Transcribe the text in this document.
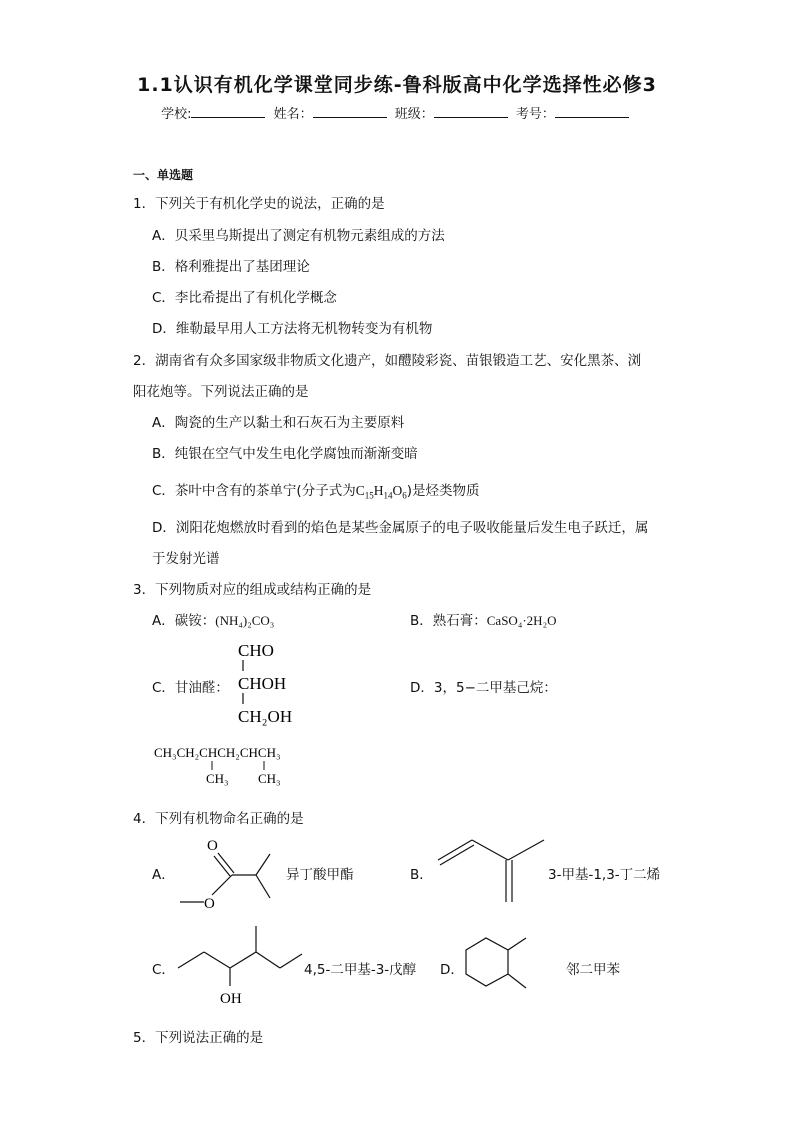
1.1认识有机化学课堂同步练-鲁科版高中化学选择性必修3
学校:	姓名：	班级：	考号：
一、单选题
1．下列关于有机化学史的说法，正确的是
A．贝采里乌斯提出了测定有机物元素组成的方法
B．格利雅提出了基团理论
C．李比希提出了有机化学概念
D．维勒最早用人工方法将无机物转变为有机物
2．湖南省有众多国家级非物质文化遗产，如醴陵彩瓷、苗银锻造工艺、安化黑茶、浏
阳花炮等。下列说法正确的是
A．陶瓷的生产以黏土和石灰石为主要原料
B．纯银在空气中发生电化学腐蚀而渐渐变暗
C．茶叶中含有的茶单宁(分子式为$C_{15}H_{14}O_6$)是烃类物质
D．浏阳花炮燃放时看到的焰色是某些金属原子的电子吸收能量后发生电子跃迁，属
于发射光谱
3．下列物质对应的组成或结构正确的是
A．碳铵：(NH₄)₂CO₃	B．熟石膏：CaSO₄·2H₂O
C．甘油醛：
CHO
CHOH
CH₂OH
D．3，5−二甲基己烷：
CH₃CH₂CHCH₂CHCH₃
CH₃ CH₃
4．下列有机物命名正确的是
A．
O
O
异丁酸甲酯	B．	3-甲基-1,3-丁二烯
C．
OH
4,5-二甲基-3-戊醇 D．	邻二甲苯
5．下列说法正确的是
